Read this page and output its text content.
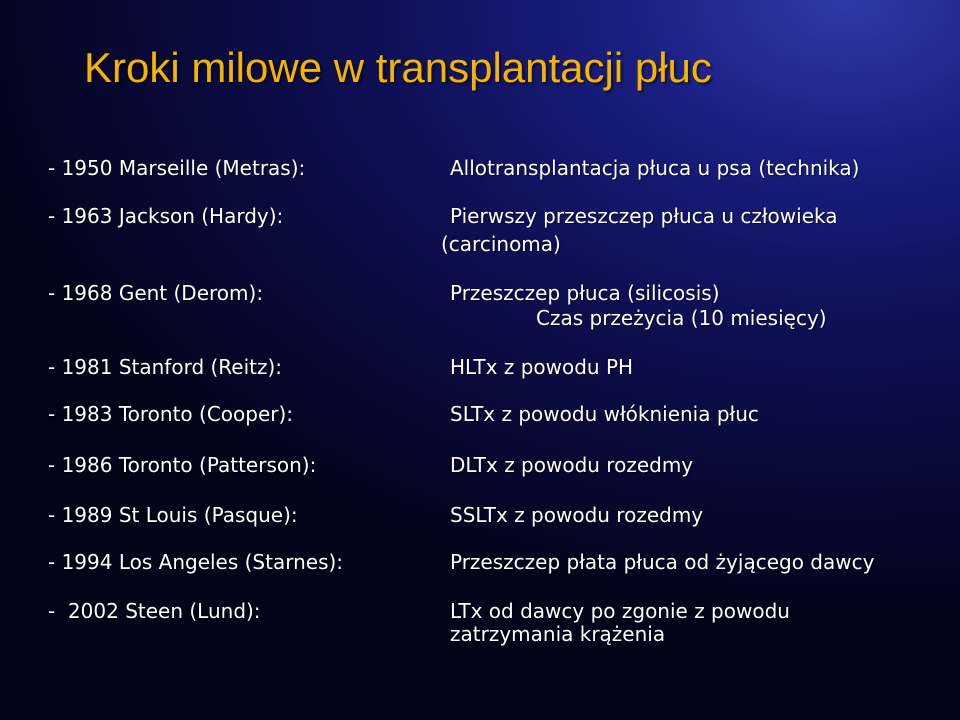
Kroki milowe w transplantacji płuc

- 1950 Marseille (Metras):	Allotransplantacja płuca u psa (technika)

- 1963 Jackson (Hardy):	Pierwszy przeszczep płuca u człowieka

(carcinoma)

- 1968 Gent (Derom):	Przeszczep płuca (silicosis)

Czas przeżycia (10 miesięcy)

- 1981 Stanford (Reitz):	HLTx z powodu PH

- 1983 Toronto (Cooper):	SLTx z powodu włóknienia płuc

- 1986 Toronto (Patterson):	DLTx z powodu rozedmy

- 1989 St Louis (Pasque):	SSLTx z powodu rozedmy

- 1994 Los Angeles (Starnes):	Przeszczep płata płuca od żyjącego dawcy

-  2002 Steen (Lund):	LTx od dawcy po zgonie z powodu

zatrzymania krążenia
